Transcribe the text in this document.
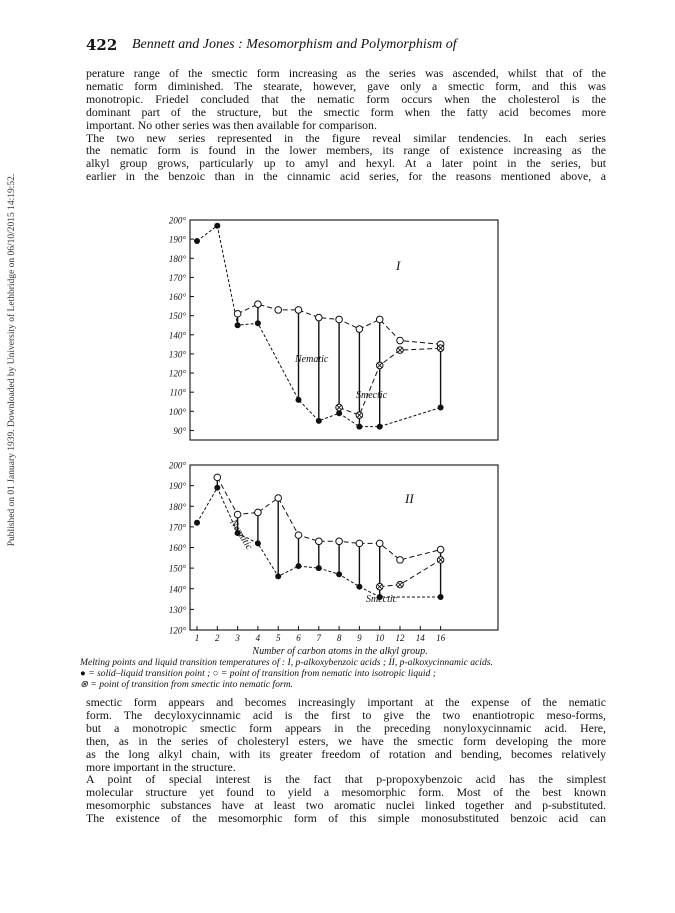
Published on 01 January 1939. Downloaded by University of Lethbridge on 06/10/2015 14:19:52.
422 Bennett and Jones : Mesomorphism and Polymorphism of
perature range of the smectic form increasing as the series was ascended, whilst that of the
nematic form diminished. The stearate, however, gave only a smectic form, and this was
monotropic. Friedel concluded that the nematic form occurs when the cholesterol is the
dominant part of the structure, but the smectic form when the fatty acid becomes more
important. No other series was then available for comparison.
The two new series represented in the figure reveal similar tendencies. In each series
the nematic form is found in the lower members, its range of existence increasing as the
alkyl group grows, particularly up to amyl and hexyl. At a later point in the series, but
earlier in the benzoic than in the cinnamic acid series, for the reasons mentioned above, a
200°
190°
180°
170°
160°
150°
140°
130°
120°
110°
100°
90°
I
200°
190°
180°
170°
160°
150°
140°
130°
120°
II
Nematic
Smectic
Nematic
Smectic
1 2 3 4 5 6 7 8 9 10 12 14 16
Number of carbon atoms in the alkyl group.
Melting points and liquid transition temperatures of : I, p-alkoxybenzoic acids ; II, p-alkoxycinnamic acids.
● = solid–liquid transition point ; ○ = point of transition from nematic into isotropic liquid ;
⊗ = point of transition from smectic into nematic form.
smectic form appears and becomes increasingly important at the expense of the nematic
form. The decyloxycinnamic acid is the first to give the two enantiotropic meso-forms,
but a monotropic smectic form appears in the preceding nonyloxycinnamic acid. Here,
then, as in the series of cholesteryl esters, we have the smectic form developing the more
as the long alkyl chain, with its greater freedom of rotation and bending, becomes relatively
more important in the structure.
A point of special interest is the fact that p-propoxybenzoic acid has the simplest
molecular structure yet found to yield a mesomorphic form. Most of the best known
mesomorphic substances have at least two aromatic nuclei linked together and p-substituted.
The existence of the mesomorphic form of this simple monosubstituted benzoic acid can
